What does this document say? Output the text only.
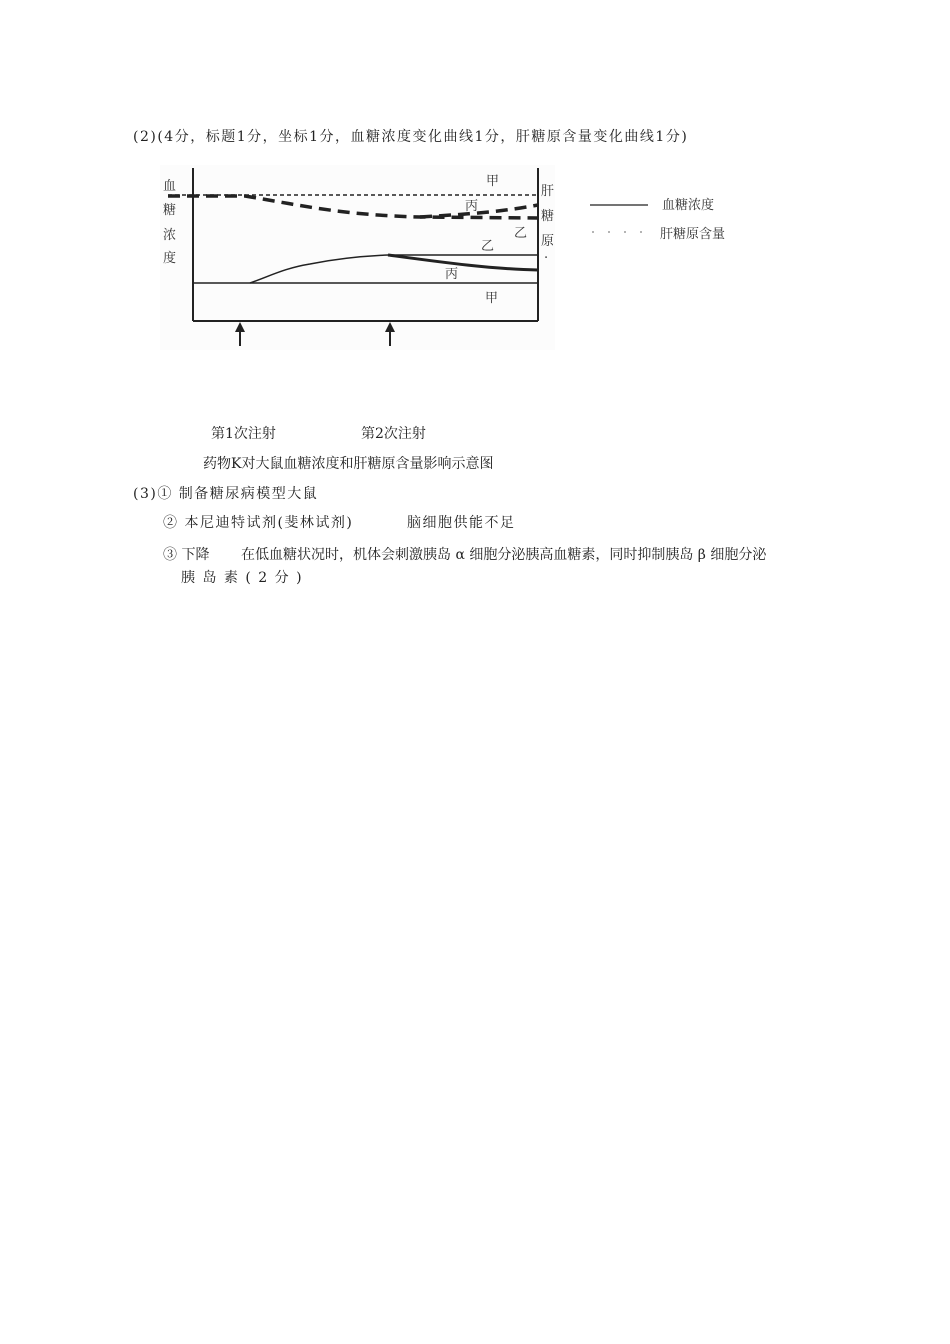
(2)(4分，标题1分，坐标1分，血糖浓度变化曲线1分，肝糖原含量变化曲线1分)
甲
丙
乙
乙
丙
甲
血
糖
浓
度
肝
糖
原
·
血糖浓度
肝糖原含量
第1次注射	第2次注射
药物K对大鼠血糖浓度和肝糖原含量影响示意图
(3)① 制备糖尿病模型大鼠
② 本尼迪特试剂(斐林试剂)	脑细胞供能不足
③ 下降 在低血糖状况时，机体会刺激胰岛 α 细胞分泌胰高血糖素，同时抑制胰岛 β 细胞分泌
胰 岛 素 ( 2 分 )
